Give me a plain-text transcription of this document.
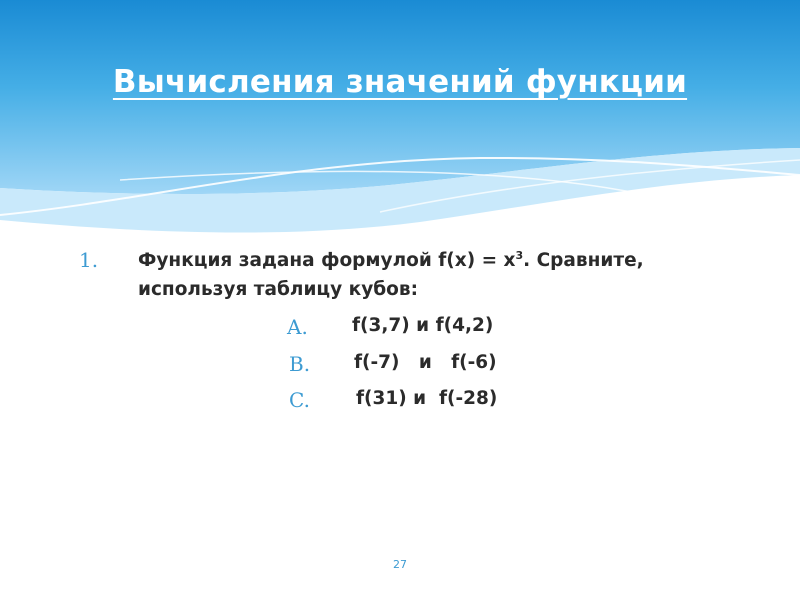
Вычисления значений функции
1. Функция задана формулой $f(x) = x^3$. Сравните, используя таблицу кубов:
A. f(3,7) и f(4,2)
B. f(-7)   и   f(-6)
C. f(31) и  f(-28)
27
